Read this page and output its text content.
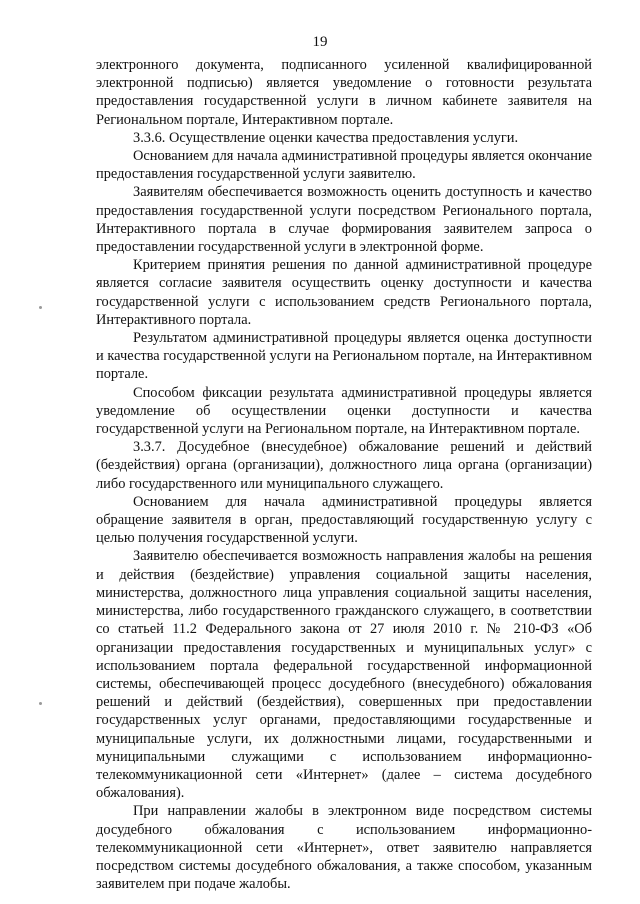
19

электронного документа, подписанного усиленной квалифицированной электронной подписью) является уведомление о готовности результата предоставления государственной услуги в личном кабинете заявителя на Региональном портале, Интерактивном портале.

3.3.6. Осуществление оценки качества предоставления услуги.

Основанием для начала административной процедуры является окончание предоставления государственной услуги заявителю.

Заявителям обеспечивается возможность оценить доступность и качество предоставления государственной услуги посредством Регионального портала, Интерактивного портала в случае формирования заявителем запроса о предоставлении государственной услуги в электронной форме.

Критерием принятия решения по данной административной процедуре является согласие заявителя осуществить оценку доступности и качества государственной услуги с использованием средств Регионального портала, Интерактивного портала.

Результатом административной процедуры является оценка доступности и качества государственной услуги на Региональном портале, на Интерактивном портале.

Способом фиксации результата административной процедуры является уведомление об осуществлении оценки доступности и качества государственной услуги на Региональном портале, на Интерактивном портале.

3.3.7. Досудебное (внесудебное) обжалование решений и действий (бездействия) органа (организации), должностного лица органа (организации) либо государственного или муниципального служащего.

Основанием для начала административной процедуры является обращение заявителя в орган, предоставляющий государственную услугу с целью получения государственной услуги.

Заявителю обеспечивается возможность направления жалобы на решения и действия (бездействие) управления социальной защиты населения, министерства, должностного лица управления социальной защиты населения, министерства, либо государственного гражданского служащего, в соответствии со статьей 11.2 Федерального закона от 27 июля 2010 г. № 210-ФЗ «Об организации предоставления государственных и муниципальных услуг» с использованием портала федеральной государственной информационной системы, обеспечивающей процесс досудебного (внесудебного) обжалования решений и действий (бездействия), совершенных при предоставлении государственных услуг органами, предоставляющими государственные и муниципальные услуги, их должностными лицами, государственными и муниципальными служащими с использованием информационно-телекоммуникационной сети «Интернет» (далее – система досудебного обжалования).

При направлении жалобы в электронном виде посредством системы досудебного обжалования с использованием информационно-телекоммуникационной сети «Интернет», ответ заявителю направляется посредством системы досудебного обжалования, а также способом, указанным заявителем при подаче жалобы.
